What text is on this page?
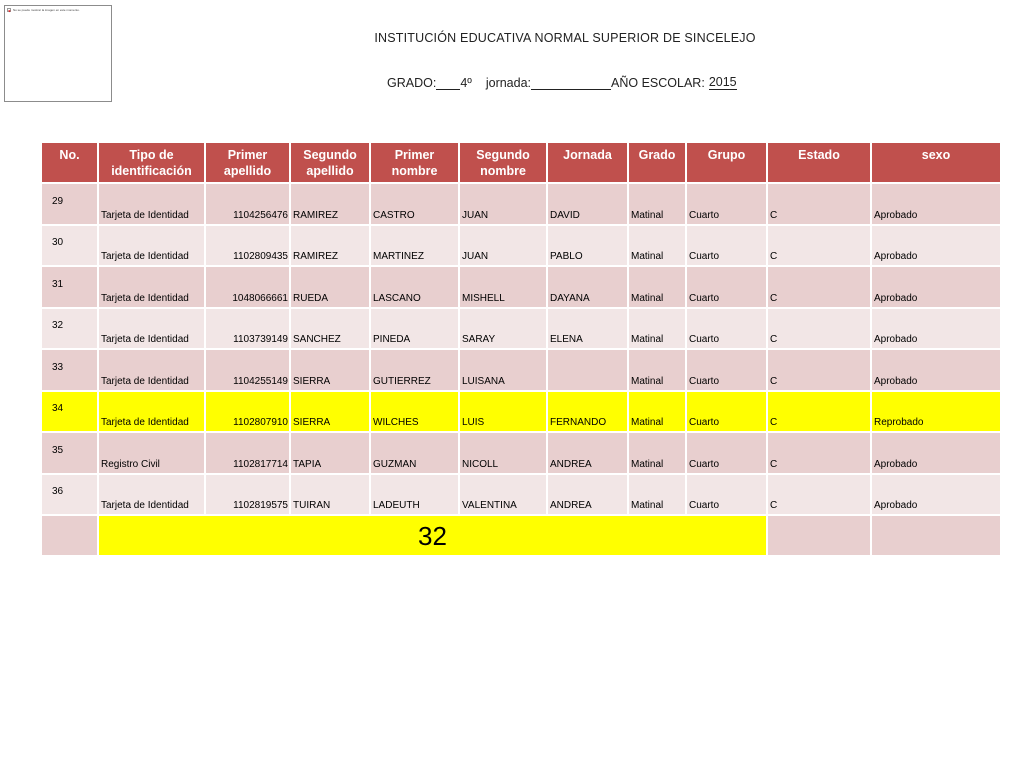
No se puede mostrar la imagen en este momento.
INSTITUCIÓN EDUCATIVA NORMAL SUPERIOR DE SINCELEJO
GRADO: 4º jornada:	AÑO ESCOLAR: 2015
No.	Tipo de identificación	Primer apellido	Segundo apellido	Primer nombre	Segundo nombre	Jornada	Grado	Grupo	Estado	sexo
29	Tarjeta de Identidad	1104256476	RAMIREZ	CASTRO	JUAN	DAVID	Matinal	Cuarto	C	Aprobado
30	Tarjeta de Identidad	1102809435	RAMIREZ	MARTINEZ	JUAN	PABLO	Matinal	Cuarto	C	Aprobado
31	Tarjeta de Identidad	1048066661	RUEDA	LASCANO	MISHELL	DAYANA	Matinal	Cuarto	C	Aprobado
32	Tarjeta de Identidad	1103739149	SANCHEZ	PINEDA	SARAY	ELENA	Matinal	Cuarto	C	Aprobado
33	Tarjeta de Identidad	1104255149	SIERRA	GUTIERREZ	LUISANA		Matinal	Cuarto	C	Aprobado
34	Tarjeta de Identidad	1102807910	SIERRA	WILCHES	LUIS	FERNANDO	Matinal	Cuarto	C	Reprobado
35	Registro Civil	1102817714	TAPIA	GUZMAN	NICOLL	ANDREA	Matinal	Cuarto	C	Aprobado
36	Tarjeta de Identidad	1102819575	TUIRAN	LADEUTH	VALENTINA	ANDREA	Matinal	Cuarto	C	Aprobado
	32									
